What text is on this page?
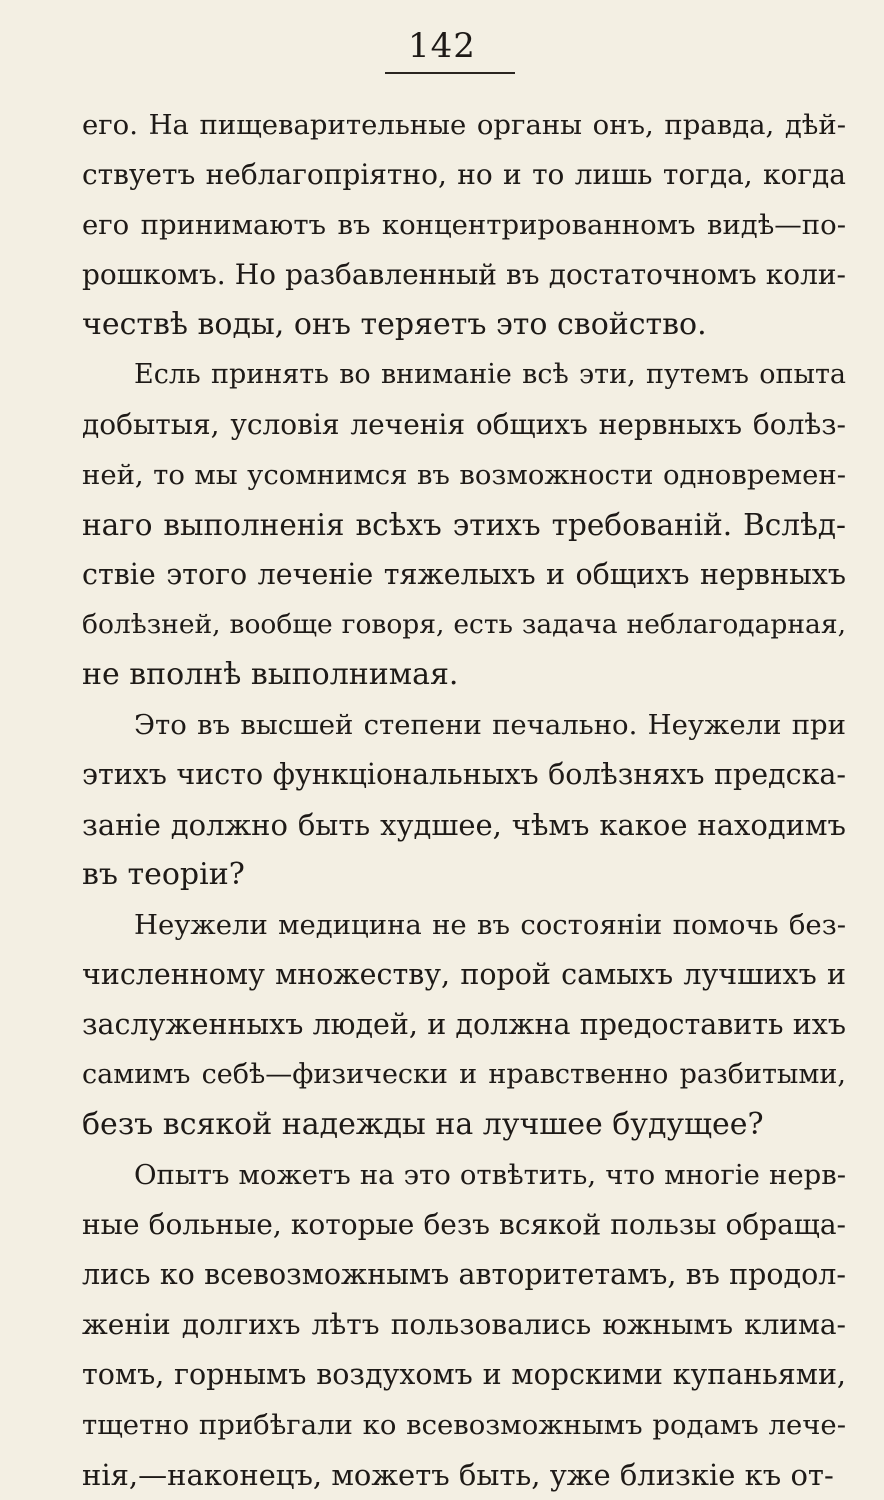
142
его. На пищеварительные органы онъ, правда, дѣй-
ствуетъ неблагопріятно, но и то лишь тогда, когда
его принимаютъ въ концентрированномъ видѣ—по-
рошкомъ. Но разбавленный въ достаточномъ коли-
чествѣ воды, онъ теряетъ это свойство.
Есль принять во вниманіе всѣ эти, путемъ опыта
добытыя, условія леченія общихъ нервныхъ болѣз-
ней, то мы усомнимся въ возможности одновремен-
наго выполненія всѣхъ этихъ требованій. Вслѣд-
ствіе этого леченіе тяжелыхъ и общихъ нервныхъ
болѣзней, вообще говоря, есть задача неблагодарная,
не вполнѣ выполнимая.
Это въ высшей степени печально. Неужели при
этихъ чисто функціональныхъ болѣзняхъ предска-
заніе должно быть худшее, чѣмъ какое находимъ
въ теоріи?
Неужели медицина не въ состояніи помочь без-
численному множеству, порой самыхъ лучшихъ и
заслуженныхъ людей, и должна предоставить ихъ
самимъ себѣ—физически и нравственно разбитыми,
безъ всякой надежды на лучшее будущее?
Опытъ можетъ на это отвѣтить, что многіе нерв-
ные больные, которые безъ всякой пользы обраща-
лись ко всевозможнымъ авторитетамъ, въ продол-
женіи долгихъ лѣтъ пользовались южнымъ клима-
томъ, горнымъ воздухомъ и морскими купаньями,
тщетно прибѣгали ко всевозможнымъ родамъ лече-
нія,—наконецъ, можетъ быть, уже близкіе къ от-
